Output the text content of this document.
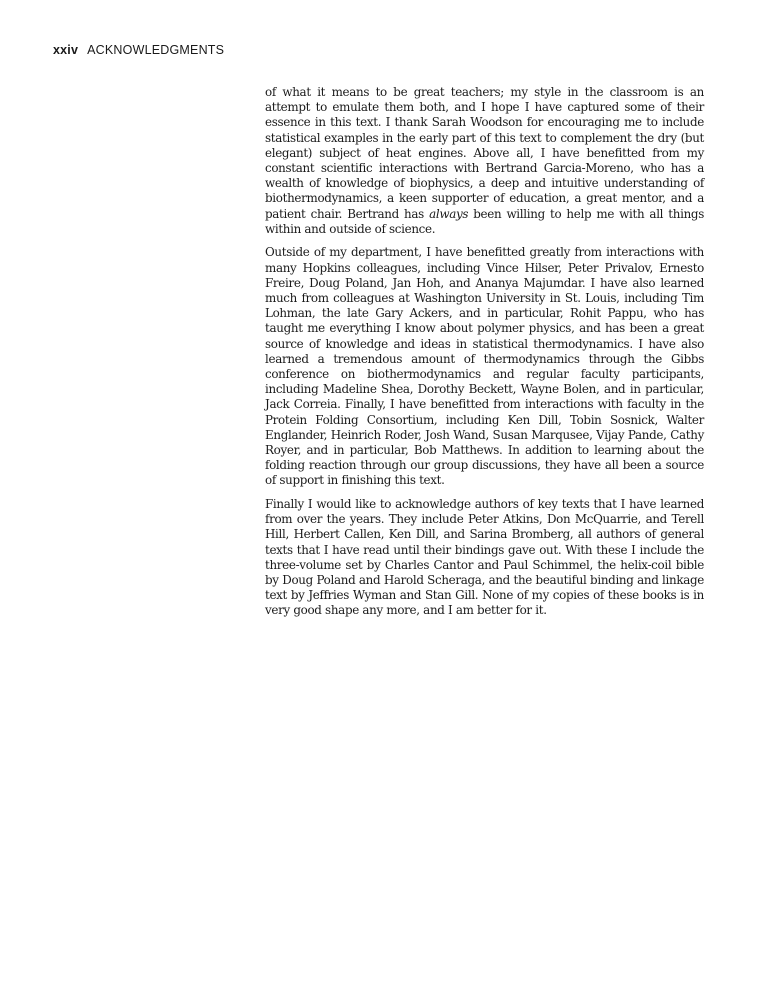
xxiv ACKNOWLEDGMENTS

of what it means to be great teachers; my style in the classroom is an attempt to emulate them both, and I hope I have captured some of their essence in this text. I thank Sarah Woodson for encouraging me to include statistical examples in the early part of this text to complement the dry (but elegant) subject of heat engines. Above all, I have benefitted from my constant scientific interactions with Bertrand Garcia-Moreno, who has a wealth of knowledge of biophysics, a deep and intuitive understanding of biothermodynamics, a keen supporter of education, a great mentor, and a patient chair. Bertrand has always been willing to help me with all things within and outside of science.

Outside of my department, I have benefitted greatly from interactions with many Hopkins colleagues, including Vince Hilser, Peter Privalov, Ernesto Freire, Doug Poland, Jan Hoh, and Ananya Majumdar. I have also learned much from colleagues at Washington University in St. Louis, including Tim Lohman, the late Gary Ackers, and in particular, Rohit Pappu, who has taught me everything I know about polymer physics, and has been a great source of knowledge and ideas in statistical thermodynamics. I have also learned a tremendous amount of thermodynamics through the Gibbs conference on biothermodynamics and regular faculty participants, including Madeline Shea, Dorothy Beckett, Wayne Bolen, and in particular, Jack Correia. Finally, I have benefitted from interactions with faculty in the Protein Folding Consortium, including Ken Dill, Tobin Sosnick, Walter Englander, Heinrich Roder, Josh Wand, Susan Marqusee, Vijay Pande, Cathy Royer, and in particular, Bob Matthews. In addition to learning about the folding reaction through our group discussions, they have all been a source of support in finishing this text.

Finally I would like to acknowledge authors of key texts that I have learned from over the years. They include Peter Atkins, Don McQuarrie, and Terell Hill, Herbert Callen, Ken Dill, and Sarina Bromberg, all authors of general texts that I have read until their bindings gave out. With these I include the three-volume set by Charles Cantor and Paul Schimmel, the helix-coil bible by Doug Poland and Harold Scheraga, and the beautiful binding and linkage text by Jeffries Wyman and Stan Gill. None of my copies of these books is in very good shape any more, and I am better for it.
